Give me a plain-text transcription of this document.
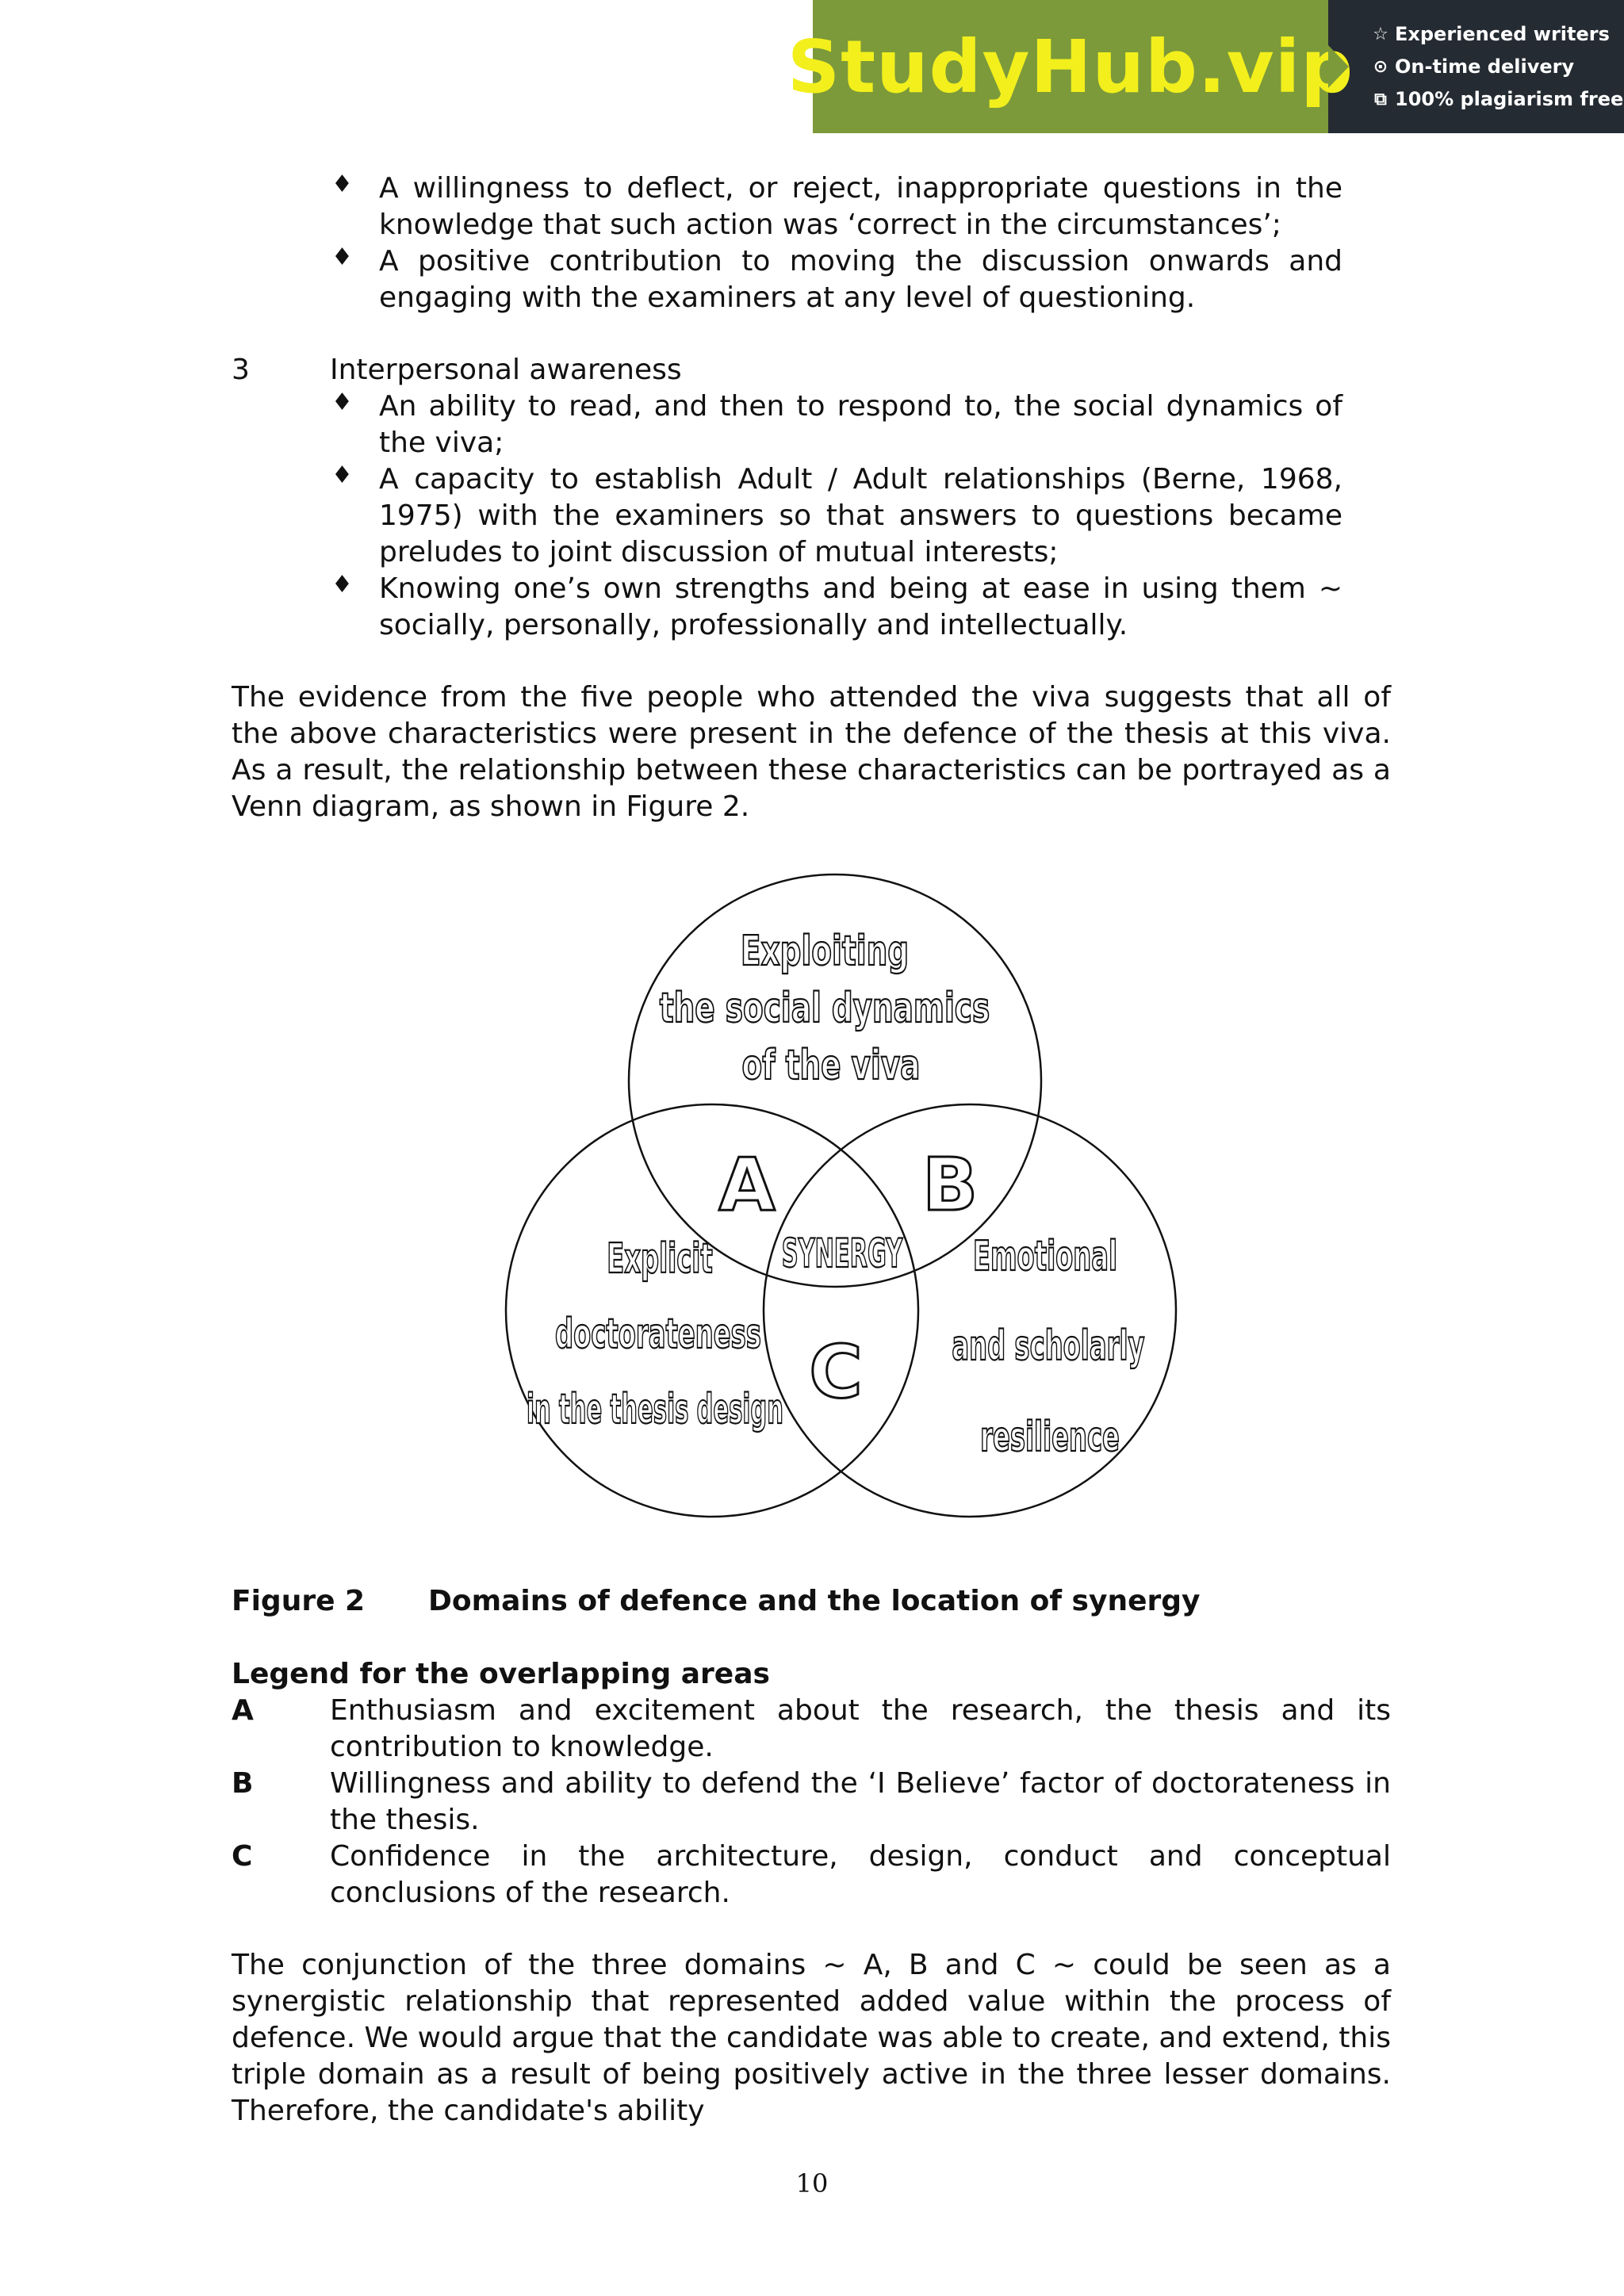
StudyHub.vip ☆ Experienced writers
⊙ On-time delivery
⧉ 100% plagiarism free
♦ A willingness to deflect, or reject, inappropriate questions in the knowledge that such action was ‘correct in the circumstances’;
♦ A positive contribution to moving the discussion onwards and engaging with the examiners at any level of questioning.
3	Interpersonal awareness
♦ An ability to read, and then to respond to, the social dynamics of the viva;
♦ A capacity to establish Adult / Adult relationships (Berne, 1968, 1975) with the examiners so that answers to questions became preludes to joint discussion of mutual interests;
♦ Knowing one’s own strengths and being at ease in using them ~ socially, personally, professionally and intellectually.
The evidence from the five people who attended the viva suggests that all of the above characteristics were present in the defence of the thesis at this viva. As a result, the relationship between these characteristics can be portrayed as a Venn diagram, as shown in Figure 2.
Exploiting
the social dynamics
of the viva
Explicit
doctorateness
in the thesis design
Emotional
and scholarly
resilience
SYNERGY
A B
C
Figure 2 Domains of defence and the location of synergy
Legend for the overlapping areas
A	Enthusiasm and excitement about the research, the thesis and its contribution to knowledge.
B	Willingness and ability to defend the ‘I Believe’ factor of doctorateness in the thesis.
C	Confidence in the architecture, design, conduct and conceptual conclusions of the research.
The conjunction of the three domains ~ A, B and C ~ could be seen as a synergistic relationship that represented added value within the process of defence. We would argue that the candidate was able to create, and extend, this triple domain as a result of being positively active in the three lesser domains. Therefore, the candidate's ability
10
